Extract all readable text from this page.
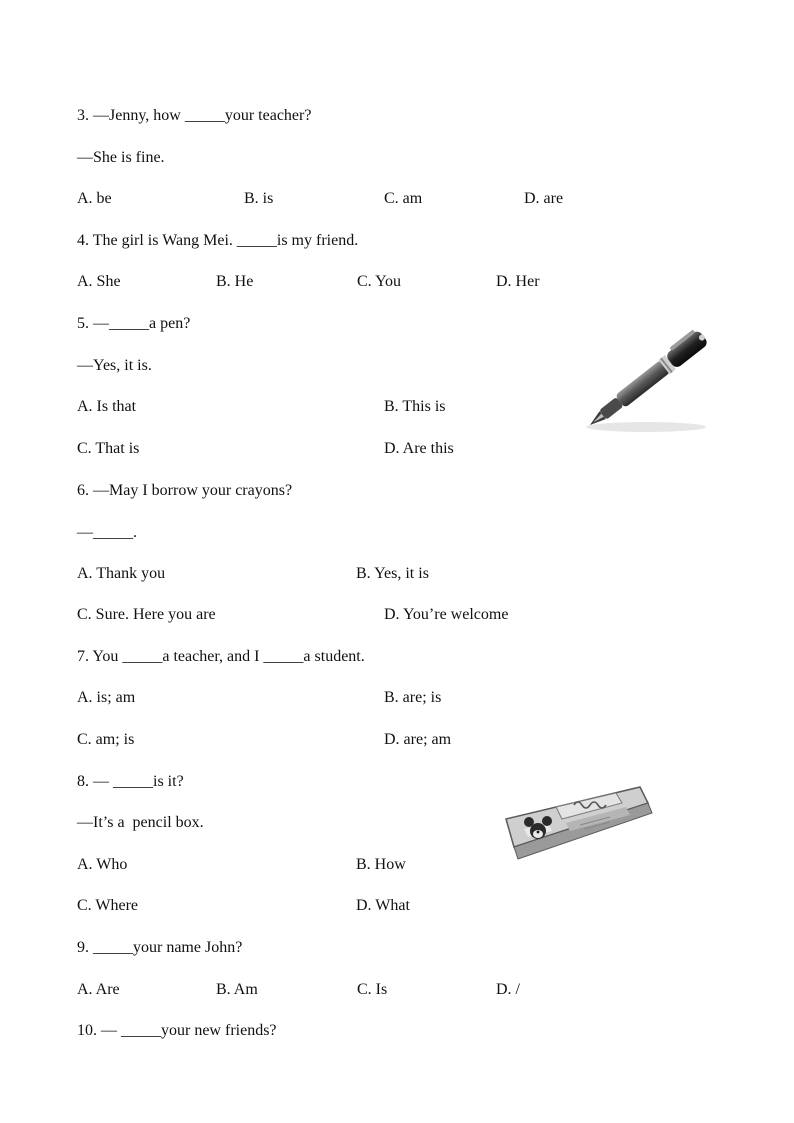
3. —Jenny, how _____your teacher?
—She is fine.
A. be	B. is	C. am	D. are
4. The girl is Wang Mei. _____is my friend.
A. She	B. He	C. You	D. Her
5. —_____a pen?
—Yes, it is.
A. Is that	B. This is
C. That is	D. Are this
6. —May I borrow your crayons?
—_____.
A. Thank you	B. Yes, it is
C. Sure. Here you are	D. You’re welcome
7. You _____a teacher, and I _____a student.
A. is; am	B. are; is
C. am; is	D. are; am
8. — _____is it?
—It’s a  pencil box.
A. Who	B. How
C. Where	D. What
9. _____your name John?
A. Are	B. Am	C. Is	D. /
10. — _____your new friends?
